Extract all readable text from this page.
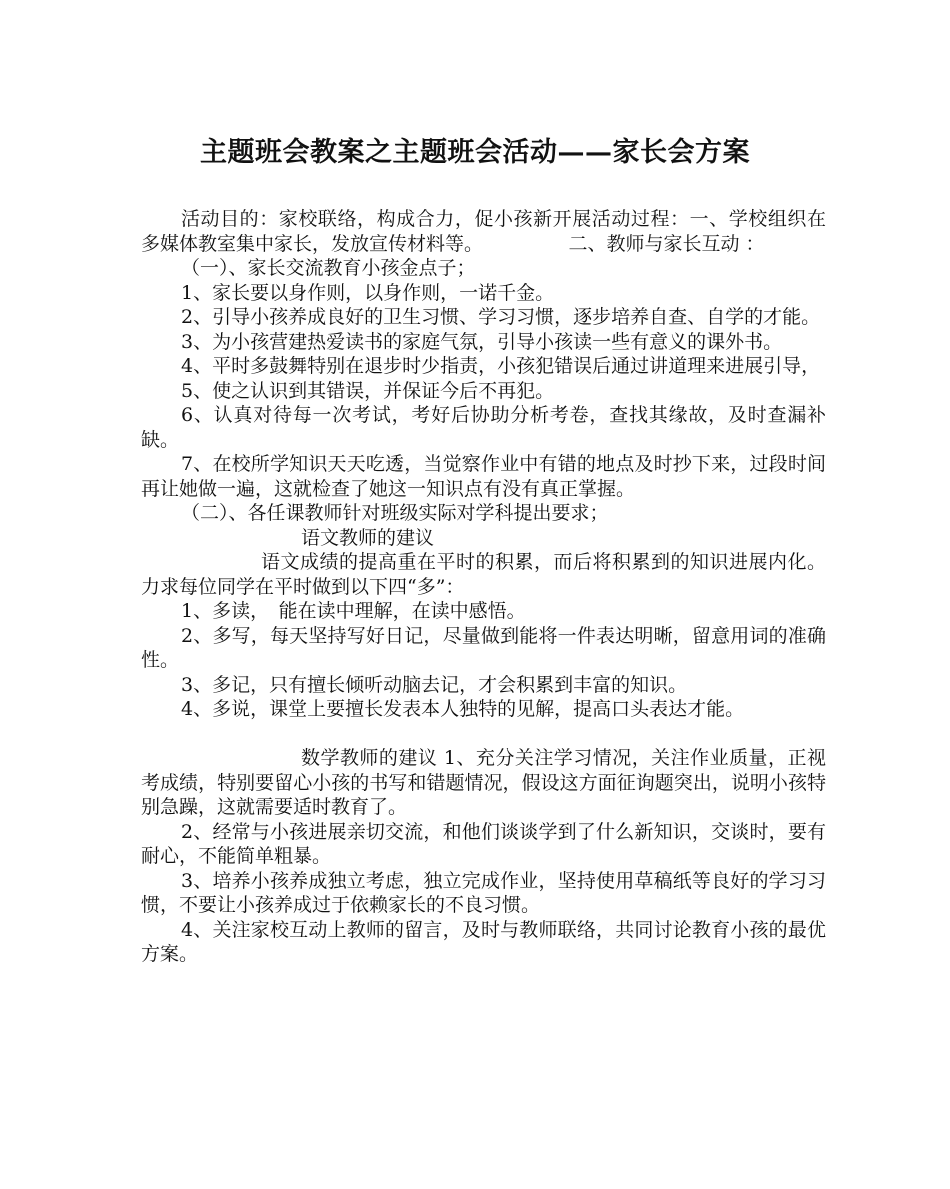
主题班会教案之主题班会活动——家长会方案

活动目的：家校联络，构成合力，促小孩新开展活动过程：一、学校组织在多媒体教室集中家长，发放宣传材料等。　　　　　二、教师与家长互动 ：

（一）、家长交流教育小孩金点子；

1、家长要以身作则，以身作则，一诺千金。

2、引导小孩养成良好的卫生习惯、学习习惯，逐步培养自查、自学的才能。

3、为小孩营建热爱读书的家庭气氛，引导小孩读一些有意义的课外书。

4、平时多鼓舞特别在退步时少指责，小孩犯错误后通过讲道理来进展引导，

5、使之认识到其错误，并保证今后不再犯。

6、认真对待每一次考试，考好后协助分析考卷，查找其缘故，及时查漏补缺。

7、在校所学知识天天吃透，当觉察作业中有错的地点及时抄下来，过段时间再让她做一遍，这就检查了她这一知识点有没有真正掌握。

（二）、各任课教师针对班级实际对学科提出要求；

语文教师的建议

语文成绩的提高重在平时的积累，而后将积累到的知识进展内化。力求每位同学在平时做到以下四“多”：

1、多读，　能在读中理解，在读中感悟。

2、多写，每天坚持写好日记，尽量做到能将一件表达明晰，留意用词的准确性。

3、多记，只有擅长倾听动脑去记，才会积累到丰富的知识。

4、多说，课堂上要擅长发表本人独特的见解，提高口头表达才能。

数学教师的建议 1、充分关注学习情况，关注作业质量，正视考成绩，特别要留心小孩的书写和错题情况，假设这方面征询题突出，说明小孩特别急躁，这就需要适时教育了。

2、经常与小孩进展亲切交流，和他们谈谈学到了什么新知识，交谈时，要有耐心，不能简单粗暴。

3、培养小孩养成独立考虑，独立完成作业，坚持使用草稿纸等良好的学习习惯，不要让小孩养成过于依赖家长的不良习惯。

4、关注家校互动上教师的留言，及时与教师联络，共同讨论教育小孩的最优方案。
